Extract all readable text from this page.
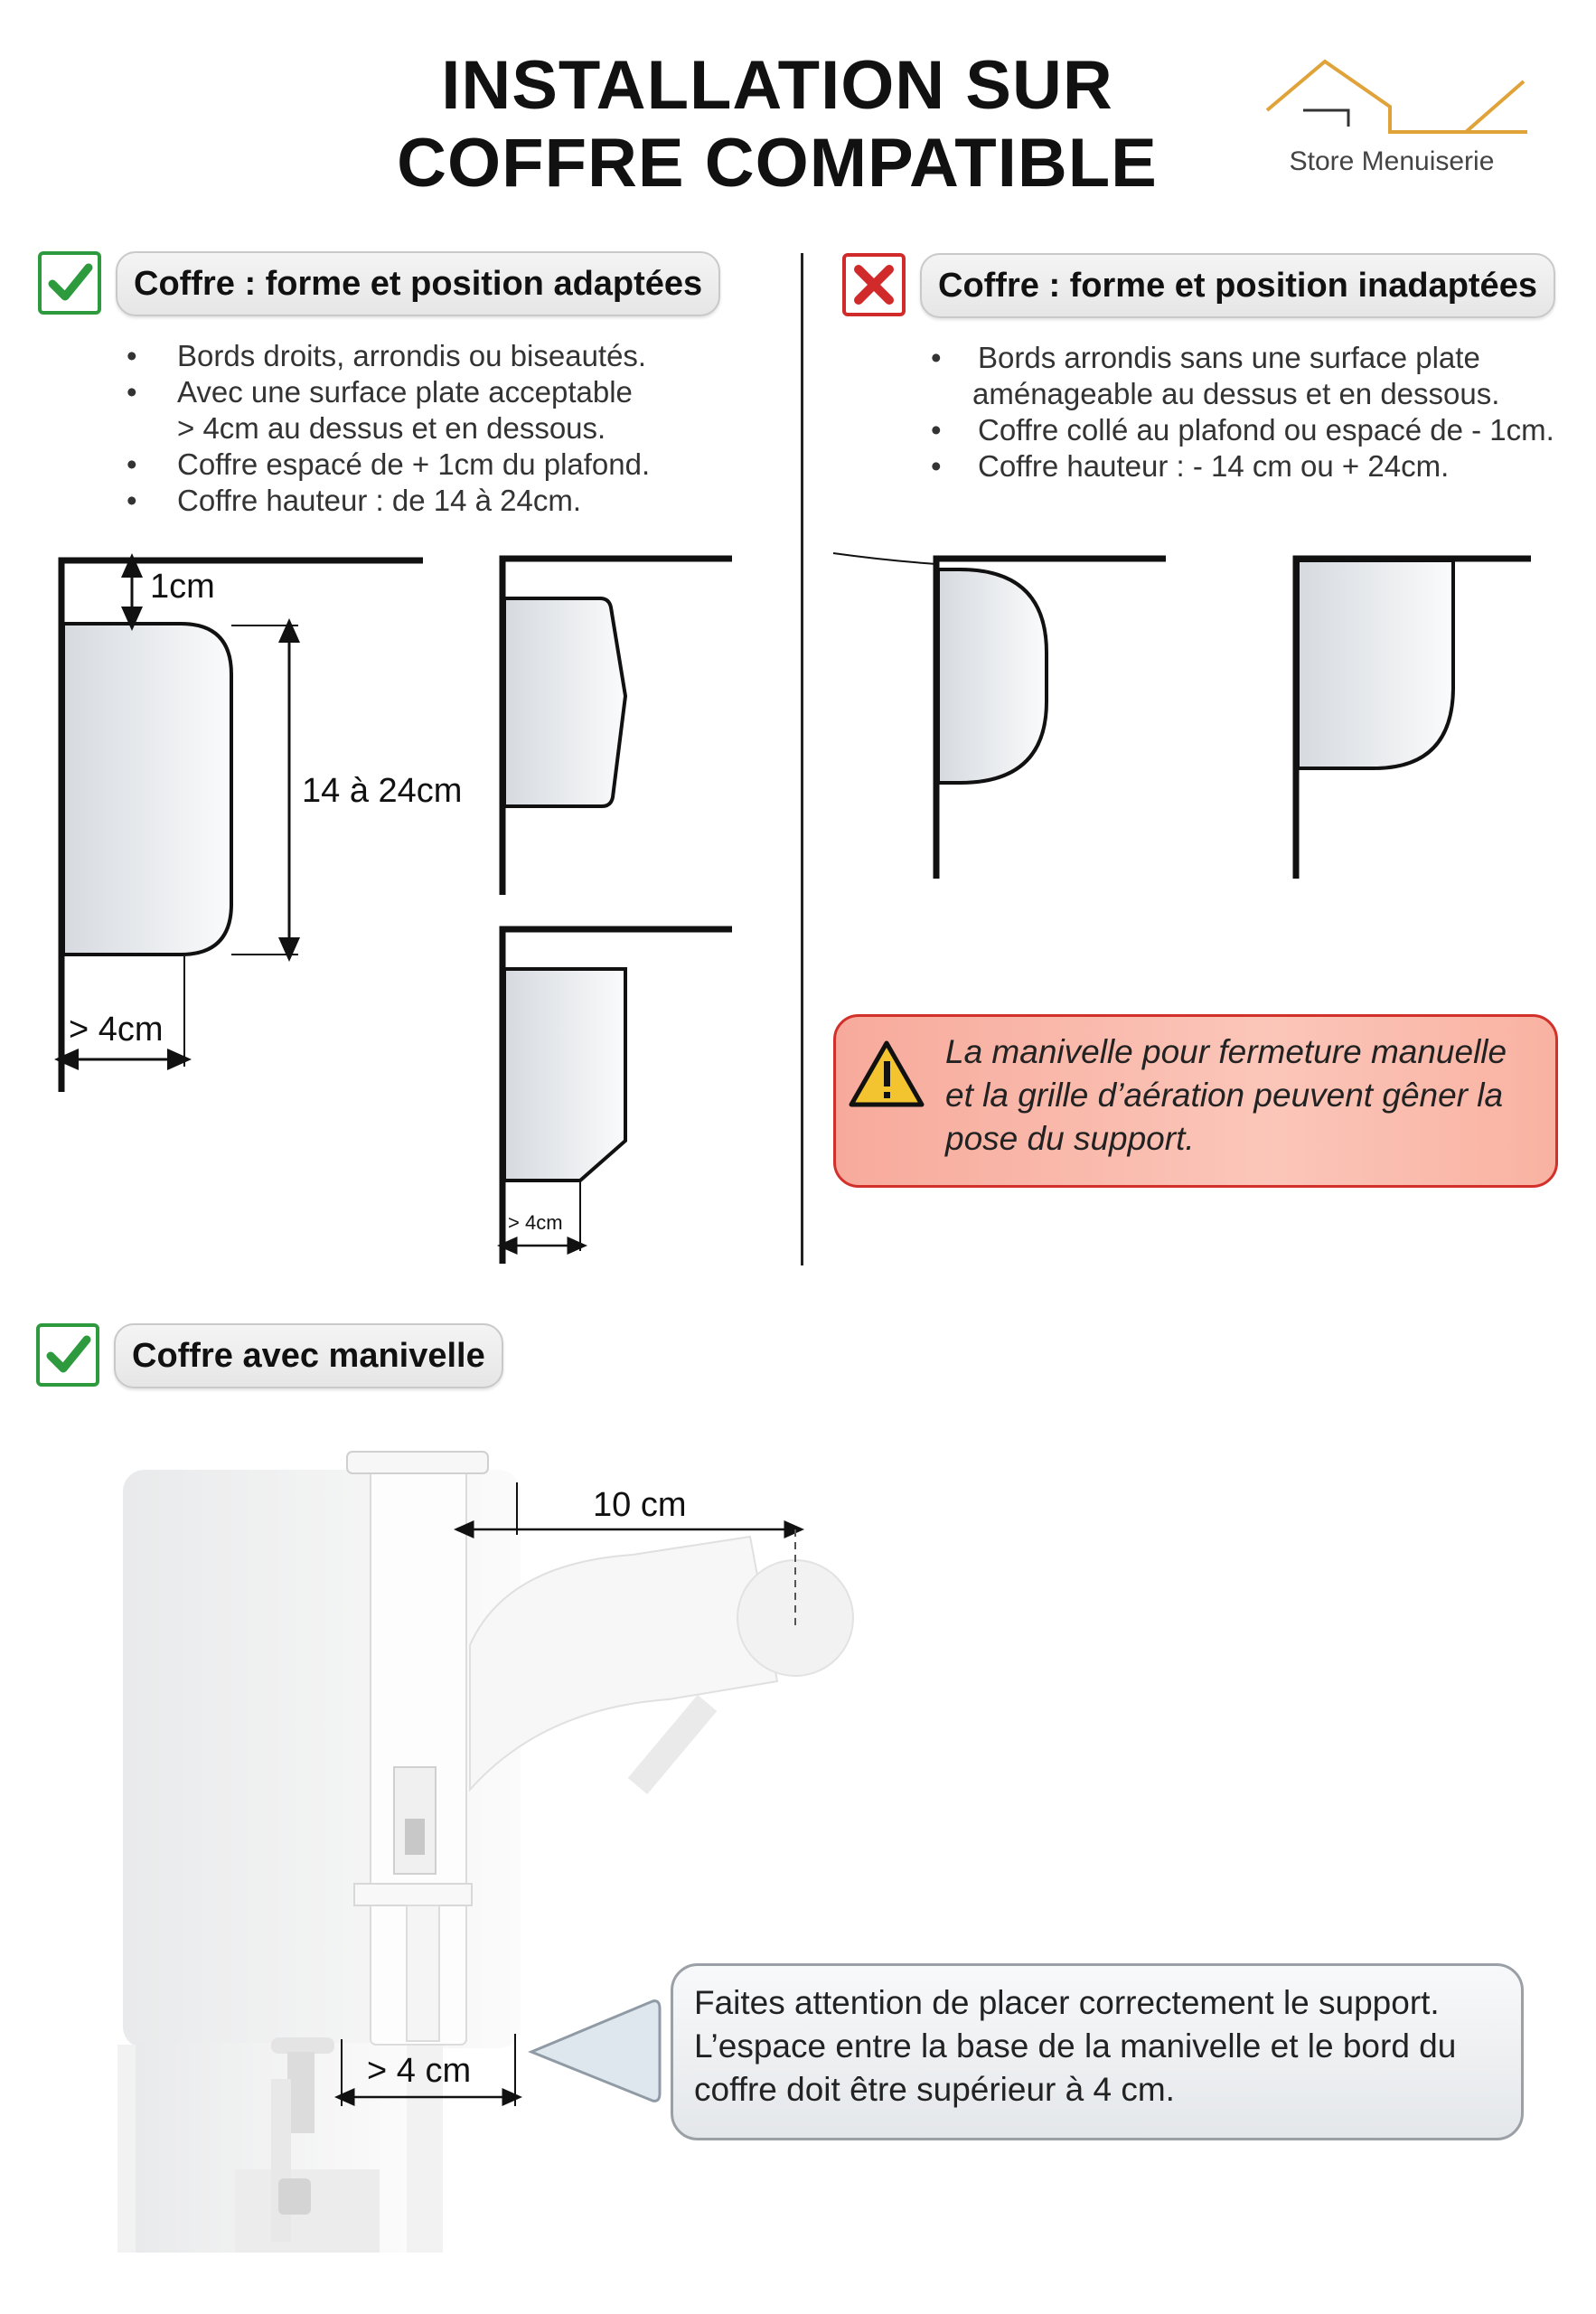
INSTALLATION SUR
COFFRE COMPATIBLE	Store Menuiserie
Coffre : forme et position adaptées
• Bords droits, arrondis ou biseautés.
• Avec une surface plate acceptable
> 4cm au dessus et en dessous.
• Coffre espacé de + 1cm du plafond.
• Coffre hauteur : de 14 à 24cm.
1cm
14 à 24cm
> 4cm
> 4cm
Coffre : forme et position inadaptées
• Bords arrondis sans une surface plate
aménageable au dessus et en dessous.
• Coffre collé au plafond ou espacé de - 1cm.
• Coffre hauteur : - 14 cm ou + 24cm.
La manivelle pour fermeture manuelle et la grille d’aération peuvent gêner la pose du support.
Coffre avec manivelle
10 cm
> 4 cm
Faites attention de placer correctement le support. L’espace entre la base de la manivelle et le bord du coffre doit être supérieur à 4 cm.
